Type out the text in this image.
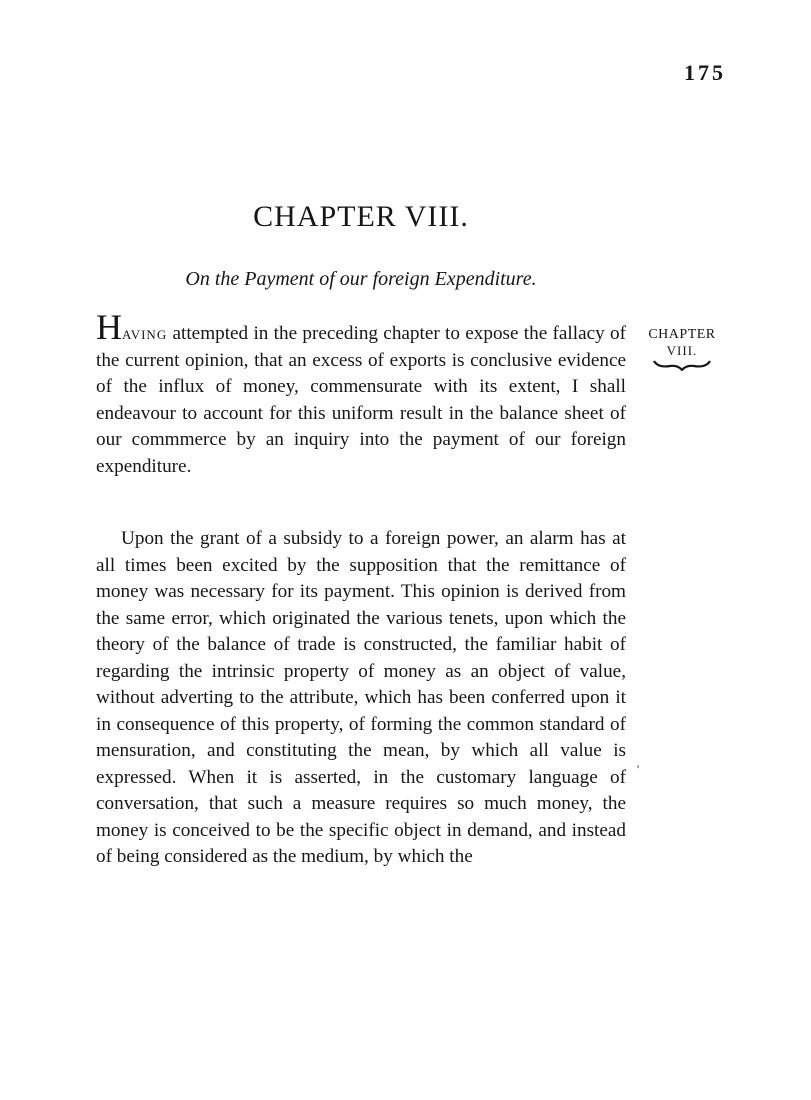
175
CHAPTER VIII.
On the Payment of our foreign Expenditure.
CHAPTER
VIII.

Having attempted in the preceding chapter to expose the fallacy of the current opinion, that an excess of exports is conclusive evidence of the influx of money, commensurate with its extent, I shall endeavour to account for this uniform result in the balance sheet of our commmerce by an inquiry into the payment of our foreign expenditure.

Upon the grant of a subsidy to a foreign power, an alarm has at all times been excited by the supposition that the remittance of money was necessary for its payment. This opinion is derived from the same error, which originated the various tenets, upon which the theory of the balance of trade is constructed, the familiar habit of regarding the intrinsic property of money as an object of value, without adverting to the attribute, which has been conferred upon it in consequence of this property, of forming the common standard of mensuration, and constituting the mean, by which all value is expressed. When it is asserted, in the customary language of conversation, that such a measure requires so much money, the money is conceived to be the specific object in demand, and instead of being considered as the medium, by which the

'
